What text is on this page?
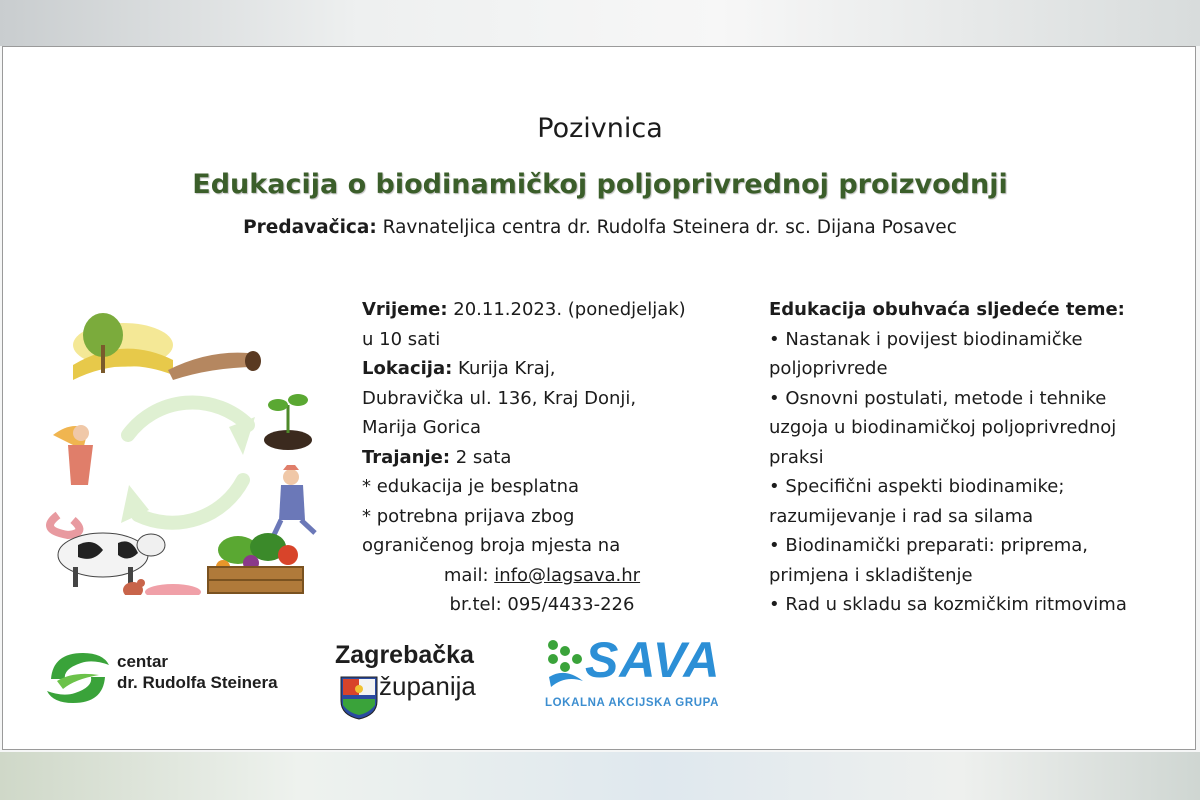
Pozivnica
Edukacija o biodinamičkoj poljoprivrednoj proizvodnji
Predavačica: Ravnateljica centra dr. Rudolfa Steinera dr. sc. Dijana Posavec
Vrijeme: 20.11.2023. (ponedjeljak)
u 10 sati
Lokacija: Kurija Kraj,
Dubravička ul. 136, Kraj Donji,
Marija Gorica
Trajanje: 2 sata
* edukacija je besplatna
* potrebna prijava zbog
ograničenog broja mjesta na
mail: info@lagsava.hr
br.tel: 095/4433-226
Edukacija obuhvaća sljedeće teme:
• Nastanak i povijest biodinamičke
poljoprivrede
• Osnovni postulati, metode i tehnike
uzgoja u biodinamičkoj poljoprivrednoj
praksi
• Specifični aspekti biodinamike;
razumijevanje i rad sa silama
• Biodinamički preparati: priprema,
primjena i skladištenje
• Rad u skladu sa kozmičkim ritmovima
centar
dr. Rudolfa Steinera
Zagrebačka
županija SAVA
LOKALNA AKCIJSKA GRUPA
